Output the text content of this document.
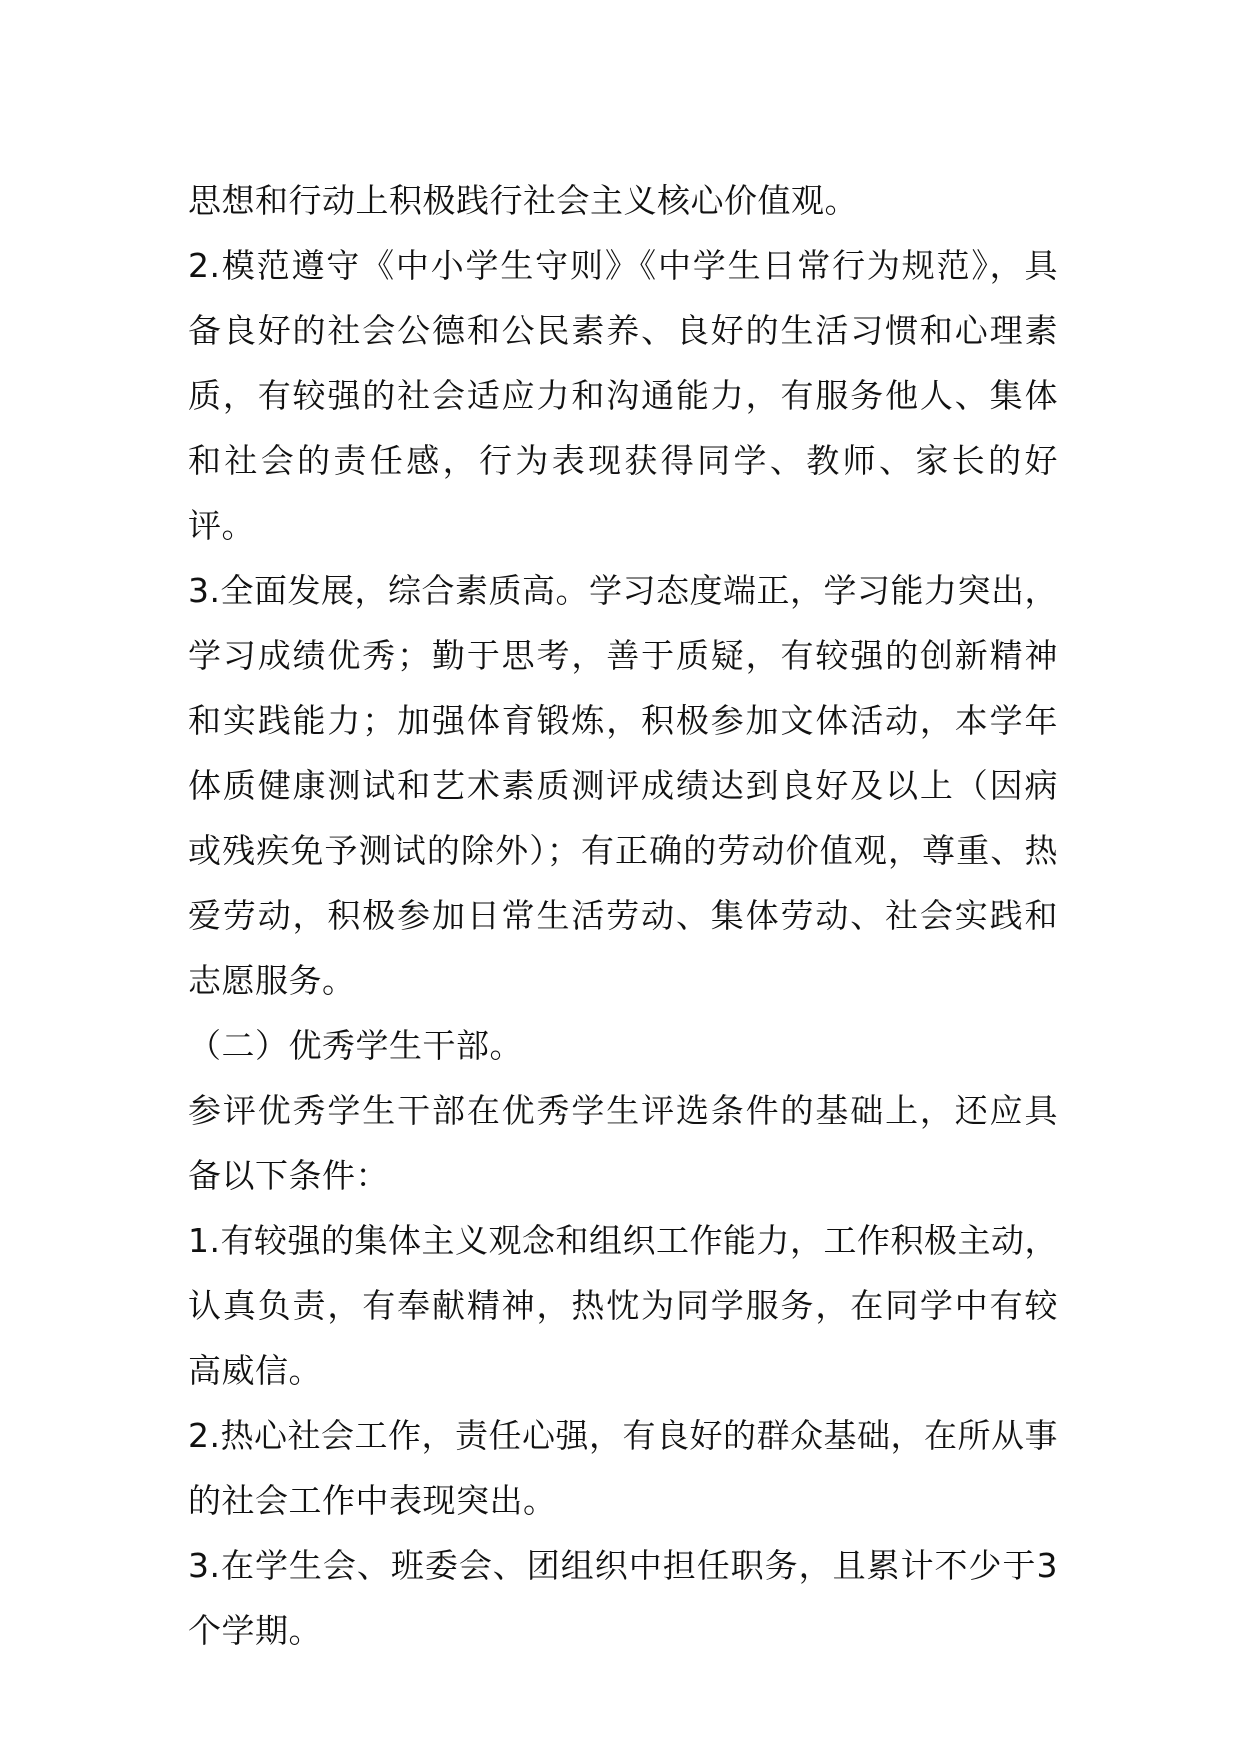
思想和行动上积极践行社会主义核心价值观。

2.模范遵守《中小学生守则》《中学生日常行为规范》，具备良好的社会公德和公民素养、良好的生活习惯和心理素质，有较强的社会适应力和沟通能力，有服务他人、集体和社会的责任感，行为表现获得同学、教师、家长的好评。

3.全面发展，综合素质高。学习态度端正，学习能力突出，学习成绩优秀；勤于思考，善于质疑，有较强的创新精神和实践能力；加强体育锻炼，积极参加文体活动，本学年体质健康测试和艺术素质测评成绩达到良好及以上（因病或残疾免予测试的除外）；有正确的劳动价值观，尊重、热爱劳动，积极参加日常生活劳动、集体劳动、社会实践和志愿服务。

（二）优秀学生干部。

参评优秀学生干部在优秀学生评选条件的基础上，还应具备以下条件：

1.有较强的集体主义观念和组织工作能力，工作积极主动，认真负责，有奉献精神，热忱为同学服务，在同学中有较高威信。

2.热心社会工作，责任心强，有良好的群众基础，在所从事的社会工作中表现突出。

3.在学生会、班委会、团组织中担任职务，且累计不少于3个学期。
